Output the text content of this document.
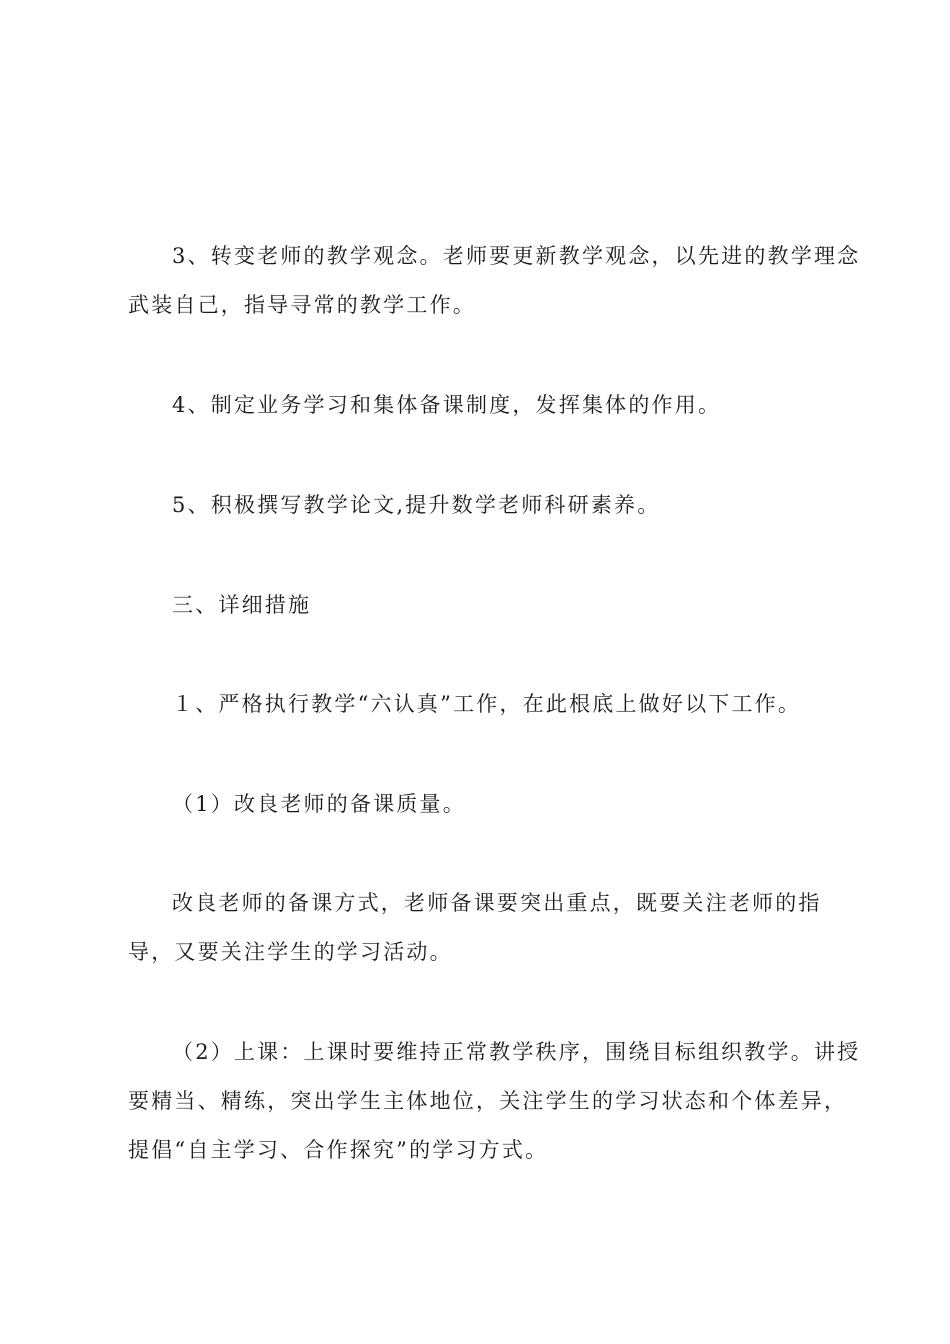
3、转变老师的教学观念。老师要更新教学观念，以先进的教学理念
武装自己，指导寻常的教学工作。
4、制定业务学习和集体备课制度，发挥集体的作用。
5、积极撰写教学论文,提升数学老师科研素养。
三、详细措施
１、严格执行教学“六认真”工作，在此根底上做好以下工作。
（1）改良老师的备课质量。
改良老师的备课方式，老师备课要突出重点，既要关注老师的指
导，又要关注学生的学习活动。
（2）上课：上课时要维持正常教学秩序，围绕目标组织教学。讲授
要精当、精练，突出学生主体地位，关注学生的学习状态和个体差异，
提倡“自主学习、合作探究”的学习方式。
